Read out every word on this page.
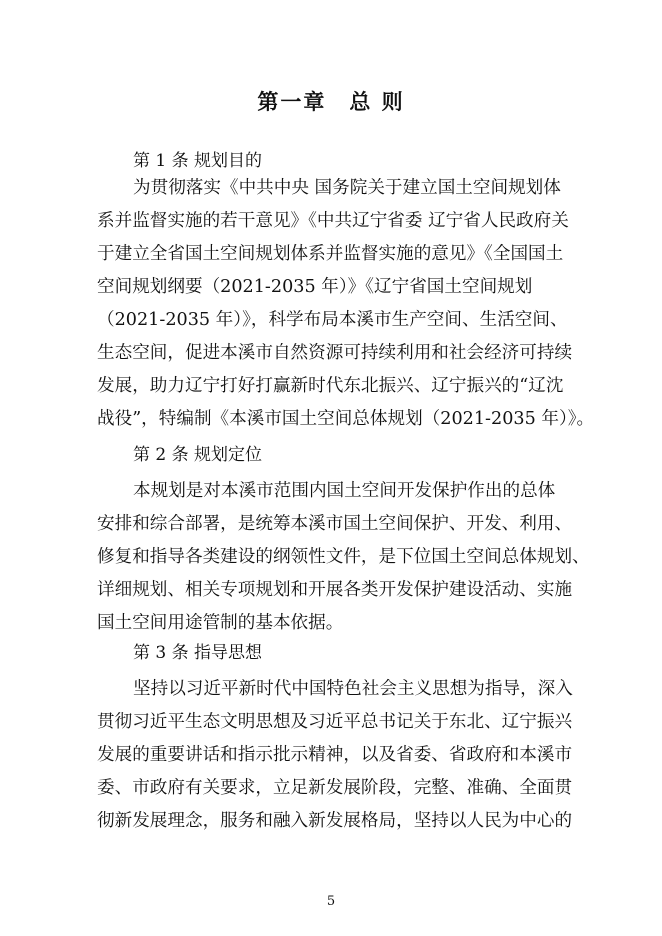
第一章　总 则
第 1 条 规划目的
为贯彻落实《中共中央 国务院关于建立国土空间规划体
系并监督实施的若干意见》《中共辽宁省委 辽宁省人民政府关
于建立全省国土空间规划体系并监督实施的意见》《全国国土
空间规划纲要（2021-2035 年）》《辽宁省国土空间规划
（2021-2035 年）》，科学布局本溪市生产空间、生活空间、
生态空间，促进本溪市自然资源可持续利用和社会经济可持续
发展，助力辽宁打好打赢新时代东北振兴、辽宁振兴的“辽沈
战役”，特编制《本溪市国土空间总体规划（2021-2035 年）》。
第 2 条 规划定位
本规划是对本溪市范围内国土空间开发保护作出的总体
安排和综合部署，是统筹本溪市国土空间保护、开发、利用、
修复和指导各类建设的纲领性文件，是下位国土空间总体规划、
详细规划、相关专项规划和开展各类开发保护建设活动、实施
国土空间用途管制的基本依据。
第 3 条 指导思想
坚持以习近平新时代中国特色社会主义思想为指导，深入
贯彻习近平生态文明思想及习近平总书记关于东北、辽宁振兴
发展的重要讲话和指示批示精神，以及省委、省政府和本溪市
委、市政府有关要求，立足新发展阶段，完整、准确、全面贯
彻新发展理念，服务和融入新发展格局，坚持以人民为中心的
5
